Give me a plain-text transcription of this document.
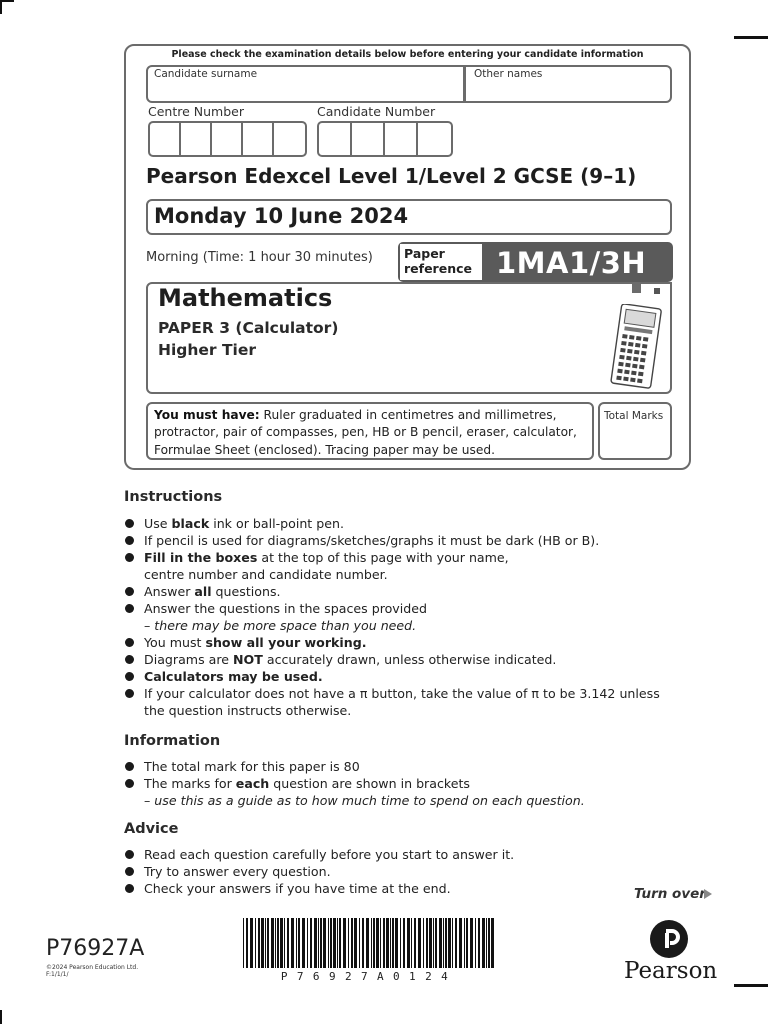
Please check the examination details below before entering your candidate information
Candidate surname	Other names
Centre Number	Candidate Number
Pearson Edexcel Level 1/Level 2 GCSE (9–1)
Monday 10 June 2024
Morning (Time: 1 hour 30 minutes) Paper
reference 1MA1/3H
Mathematics
PAPER 3 (Calculator)
Higher Tier
You must have: Ruler graduated in centimetres and millimetres, protractor, pair of compasses, pen, HB or B pencil, eraser, calculator, Formulae Sheet (enclosed). Tracing paper may be used.
Total Marks
Instructions
Use black ink or ball-point pen.
If pencil is used for diagrams/sketches/graphs it must be dark (HB or B).
Fill in the boxes at the top of this page with your name,
centre number and candidate number.
Answer all questions.
Answer the questions in the spaces provided
– there may be more space than you need.
You must show all your working.
Diagrams are NOT accurately drawn, unless otherwise indicated.
Calculators may be used.
If your calculator does not have a π button, take the value of π to be 3.142 unless
the question instructs otherwise.
Information
The total mark for this paper is 80
The marks for each question are shown in brackets
– use this as a guide as to how much time to spend on each question.
Advice
Read each question carefully before you start to answer it.
Try to answer every question.
Check your answers if you have time at the end.	Turn over
P76927A
©2024 Pearson Education Ltd.
F:1/1/1/	P76927A0124	Pearson
